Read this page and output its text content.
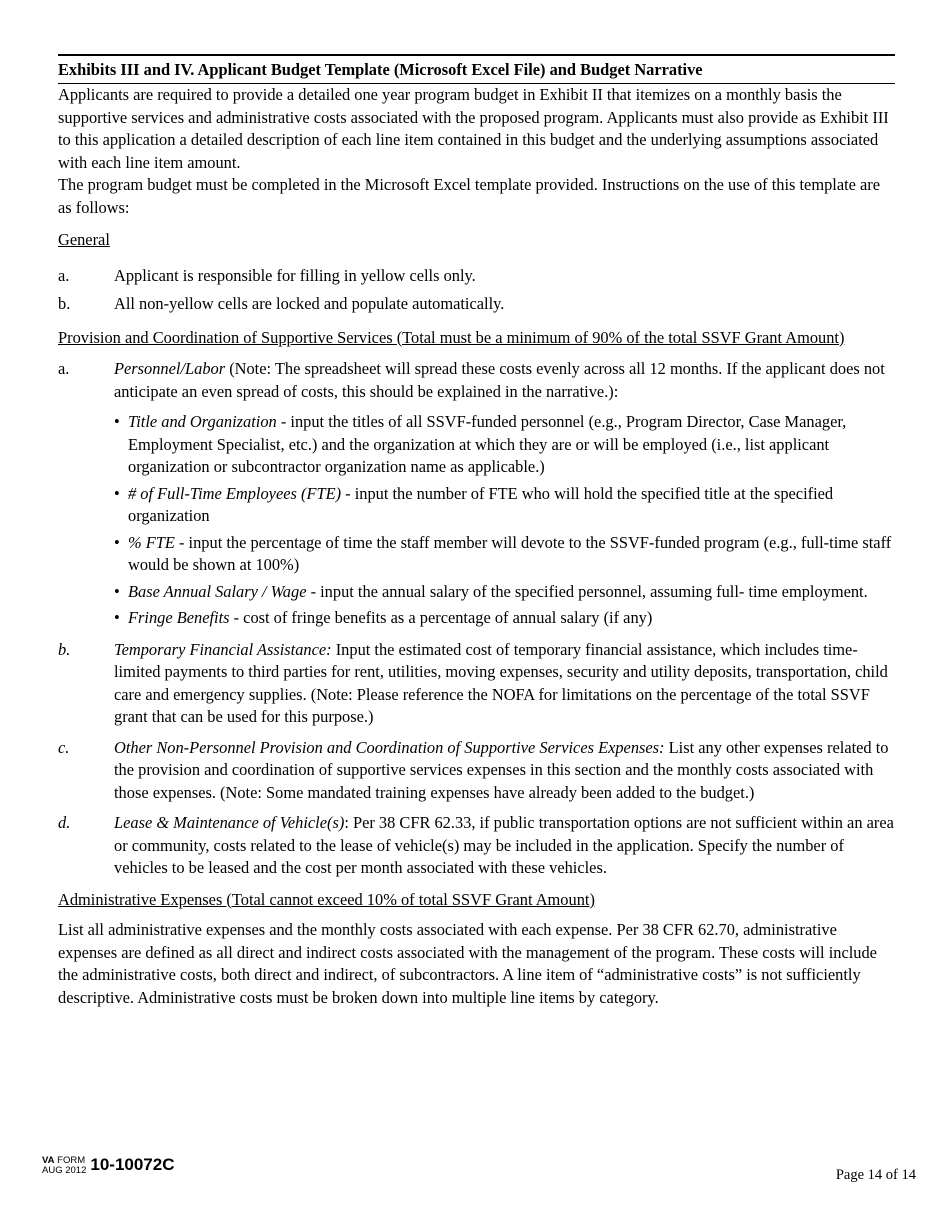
Exhibits III and IV. Applicant Budget Template (Microsoft Excel File) and Budget Narrative

Applicants are required to provide a detailed one year program budget in Exhibit II that itemizes on a monthly basis the supportive services and administrative costs associated with the proposed program. Applicants must also provide as Exhibit III to this application a detailed description of each line item contained in this budget and the underlying assumptions associated with each line item amount.

The program budget must be completed in the Microsoft Excel template provided. Instructions on the use of this template are as follows:

General

a.	Applicant is responsible for filling in yellow cells only.
b.	All non-yellow cells are locked and populate automatically.

Provision and Coordination of Supportive Services (Total must be a minimum of 90% of the total SSVF Grant Amount)

a.	Personnel/Labor (Note: The spreadsheet will spread these costs evenly across all 12 months. If the applicant does not anticipate an even spread of costs, this should be explained in the narrative.):
• Title and Organization - input the titles of all SSVF-funded personnel (e.g., Program Director, Case Manager, Employment Specialist, etc.) and the organization at which they are or will be employed (i.e., list applicant organization or subcontractor organization name as applicable.)
• # of Full-Time Employees (FTE) - input the number of FTE who will hold the specified title at the specified organization
• % FTE - input the percentage of time the staff member will devote to the SSVF-funded program (e.g., full-time staff would be shown at 100%)
• Base Annual Salary / Wage - input the annual salary of the specified personnel, assuming full- time employment.
• Fringe Benefits - cost of fringe benefits as a percentage of annual salary (if any)
b.	Temporary Financial Assistance: Input the estimated cost of temporary financial assistance, which includes time-limited payments to third parties for rent, utilities, moving expenses, security and utility deposits, transportation, child care and emergency supplies. (Note: Please reference the NOFA for limitations on the percentage of the total SSVF grant that can be used for this purpose.)
c.	Other Non-Personnel Provision and Coordination of Supportive Services Expenses: List any other expenses related to the provision and coordination of supportive services expenses in this section and the monthly costs associated with those expenses. (Note: Some mandated training expenses have already been added to the budget.)
d.	Lease & Maintenance of Vehicle(s): Per 38 CFR 62.33, if public transportation options are not sufficient within an area or community, costs related to the lease of vehicle(s) may be included in the application. Specify the number of vehicles to be leased and the cost per month associated with these vehicles.

Administrative Expenses (Total cannot exceed 10% of total SSVF Grant Amount)

List all administrative expenses and the monthly costs associated with each expense. Per 38 CFR 62.70, administrative expenses are defined as all direct and indirect costs associated with the management of the program. These costs will include the administrative costs, both direct and indirect, of subcontractors. A line item of “administrative costs” is not sufficiently descriptive. Administrative costs must be broken down into multiple line items by category.

VA FORM
AUG 2012 10-10072C
Page 14 of 14
